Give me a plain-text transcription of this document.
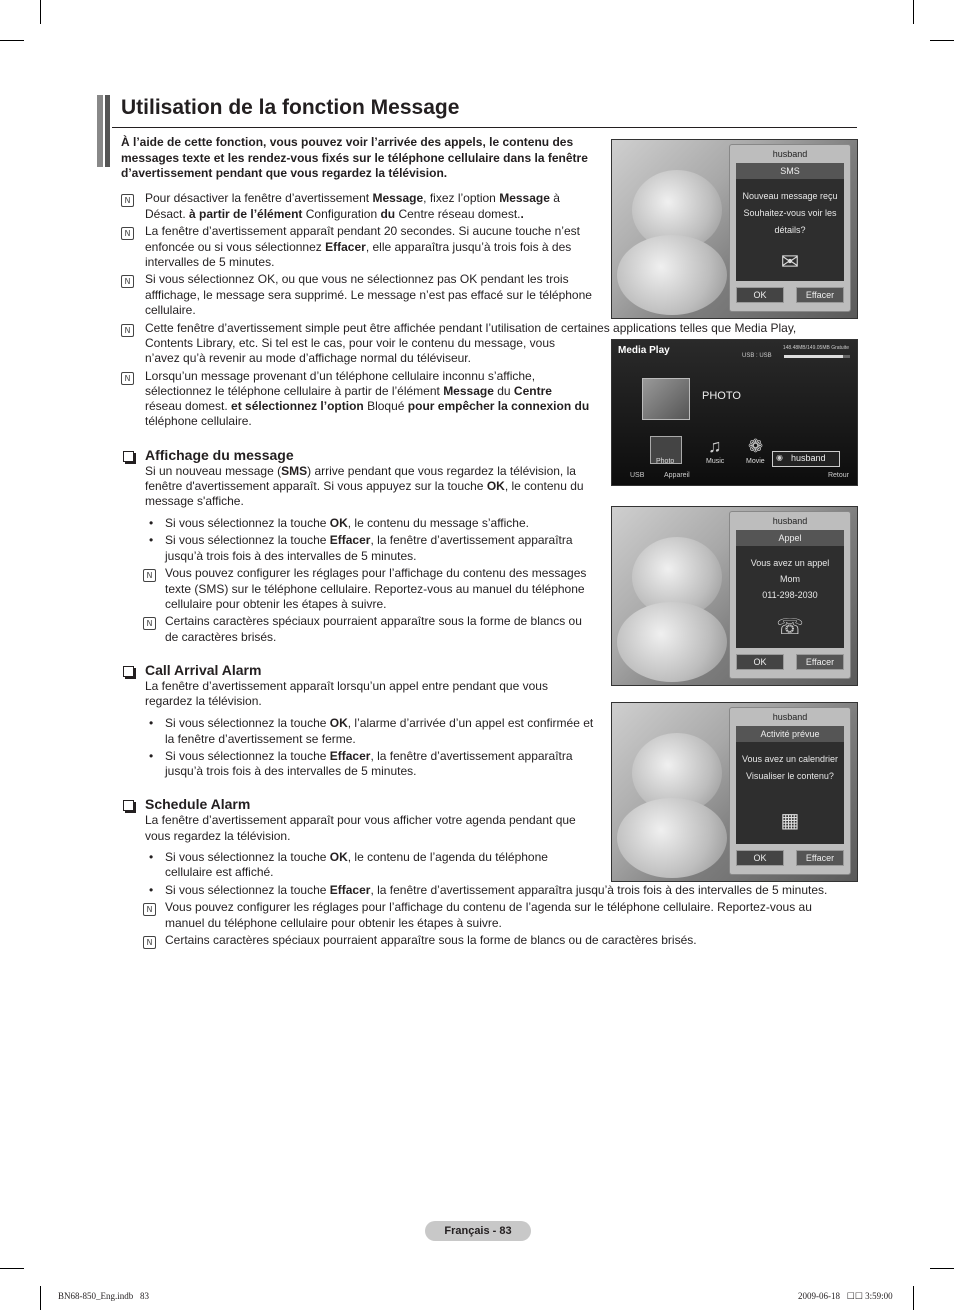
Utilisation de la fonction Message
À l’aide de cette fonction, vous pouvez voir l’arrivée des appels, le contenu des messages texte et les rendez-vous fixés sur le téléphone cellulaire dans la fenêtre d’avertissement pendant que vous regardez la télévision.
Pour désactiver la fenêtre d’avertissement Message, fixez l’option Message à
N
Désact. à partir de l’élément Configuration du Centre réseau domest..
La fenêtre d’avertissement apparaît pendant 20 secondes. Si aucune touche n’est
N
enfoncée ou si vous sélectionnez Effacer, elle apparaîtra jusqu’à trois fois à des
intervalles de 5 minutes.
Si vous sélectionnez OK, ou que vous ne sélectionnez pas OK pendant les trois
N
afffichage, le message sera supprimé. Le message n’est pas effacé sur le téléphone
cellulaire.
Cette fenêtre d’avertissement simple peut être affichée pendant l’utilisation de certaines applications telles que Media Play,
N
Contents Library, etc. Si tel est le cas, pour voir le contenu du message, vous
n’avez qu’à revenir au mode d’affichage normal du téléviseur.
Lorsqu’un message provenant d’un téléphone cellulaire inconnu s’affiche,
N
sélectionnez le téléphone cellulaire à partir de l’élément Message du Centre
réseau domest. et sélectionnez l’option Bloqué pour empêcher la connexion du
téléphone cellulaire.
Affichage du message
Si un nouveau message (SMS) arrive pendant que vous regardez la télévision, la
fenêtre d'avertissement apparaît. Si vous appuyez sur la touche OK, le contenu du
message s'affiche.
Si vous sélectionnez la touche OK, le contenu du message s’affiche.
•
Si vous sélectionnez la touche Effacer, la fenêtre d’avertissement apparaîtra
•
jusqu’à trois fois à des intervalles de 5 minutes.
Vous pouvez configurer les réglages pour l’affichage du contenu des messages
N
texte (SMS) sur le téléphone cellulaire. Reportez-vous au manuel du téléphone
cellulaire pour obtenir les étapes à suivre.
Certains caractères spéciaux pourraient apparaître sous la forme de blancs ou
N
de caractères brisés.
Call Arrival Alarm
La fenêtre d’avertissement apparaît lorsqu’un appel entre pendant que vous
regardez la télévision.
Si vous sélectionnez la touche OK, l’alarme d’arrivée d’un appel est confirmée et
•
la fenêtre d’avertissement se ferme.
Si vous sélectionnez la touche Effacer, la fenêtre d’avertissement apparaîtra
•
jusqu’à trois fois à des intervalles de 5 minutes.
Schedule Alarm
La fenêtre d’avertissement apparaît pour vous afficher votre agenda pendant que
vous regardez la télévision.
Si vous sélectionnez la touche OK, le contenu de l’agenda du téléphone
•
cellulaire est affiché.
Si vous sélectionnez la touche Effacer, la fenêtre d’avertissement apparaîtra jusqu’à trois fois à des intervalles de 5 minutes.
•
Vous pouvez configurer les réglages pour l’affichage du contenu de l’agenda sur le téléphone cellulaire. Reportez-vous au
N
manuel du téléphone cellulaire pour obtenir les étapes à suivre.
Certains caractères spéciaux pourraient apparaître sous la forme de blancs ou de caractères brisés.
N
husband
SMS
Nouveau message reçu
Souhaitez-vous voir les
détails?
✉
OK	Effacer
Media Play	148.48MB/149.05MB Gratuite
USB : USB
PHOTO
Photo
♫
Music
❁
Movie ◉ husband
USB	Appareil	Retour
husband
Appel
Vous avez un appel
Mom
011-298-2030
☏
OK	Effacer
husband
Activité prévue
Vous avez un calendrier
Visualiser le contenu?
▦
OK	Effacer
Français - 83
BN68-850_Eng.indb   83	2009-06-18   ☐☐ 3:59:00
